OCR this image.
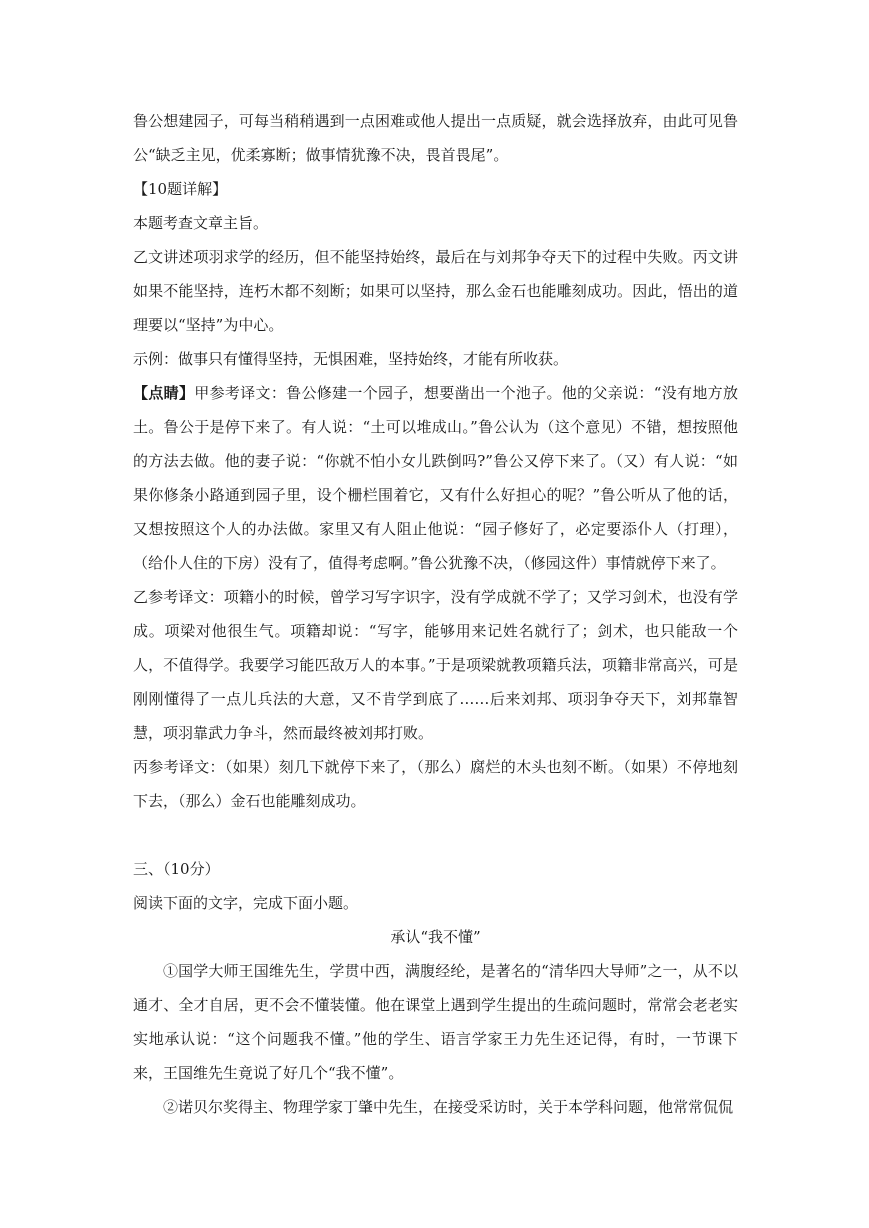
鲁公想建园子，可每当稍稍遇到一点困难或他人提出一点质疑，就会选择放弃，由此可见鲁公“缺乏主见，优柔寡断；做事情犹豫不决，畏首畏尾”。

【10题详解】

本题考查文章主旨。

乙文讲述项羽求学的经历，但不能坚持始终，最后在与刘邦争夺天下的过程中失败。丙文讲如果不能坚持，连朽木都不刻断；如果可以坚持，那么金石也能雕刻成功。因此，悟出的道理要以“坚持”为中心。

示例：做事只有懂得坚持，无惧困难，坚持始终，才能有所收获。

【点睛】甲参考译文：鲁公修建一个园子，想要凿出一个池子。他的父亲说：“没有地方放土。鲁公于是停下来了。有人说：“土可以堆成山。”鲁公认为（这个意见）不错，想按照他的方法去做。他的妻子说：“你就不怕小女儿跌倒吗?”鲁公又停下来了。（又）有人说：“如果你修条小路通到园子里，设个栅栏围着它，又有什么好担心的呢？”鲁公听从了他的话，又想按照这个人的办法做。家里又有人阻止他说：“园子修好了，必定要添仆人（打理），（给仆人住的下房）没有了，值得考虑啊。”鲁公犹豫不决，（修园这件）事情就停下来了。

乙参考译文：项籍小的时候，曾学习写字识字，没有学成就不学了；又学习剑术，也没有学成。项梁对他很生气。项籍却说：“写字，能够用来记姓名就行了；剑术，也只能敌一个人，不值得学。我要学习能匹敌万人的本事。”于是项梁就教项籍兵法，项籍非常高兴，可是刚刚懂得了一点儿兵法的大意，又不肯学到底了……后来刘邦、项羽争夺天下，刘邦靠智慧，项羽靠武力争斗，然而最终被刘邦打败。

丙参考译文：（如果）刻几下就停下来了，（那么）腐烂的木头也刻不断。（如果）不停地刻下去，（那么）金石也能雕刻成功。

三、（10分）

阅读下面的文字，完成下面小题。

承认“我不懂”

①国学大师王国维先生，学贯中西，满腹经纶，是著名的“清华四大导师”之一，从不以通才、全才自居，更不会不懂装懂。他在课堂上遇到学生提出的生疏问题时，常常会老老实实地承认说：“这个问题我不懂。”他的学生、语言学家王力先生还记得，有时，一节课下来，王国维先生竟说了好几个“我不懂”。

②诺贝尔奖得主、物理学家丁肇中先生，在接受采访时，关于本学科问题，他常常侃侃
